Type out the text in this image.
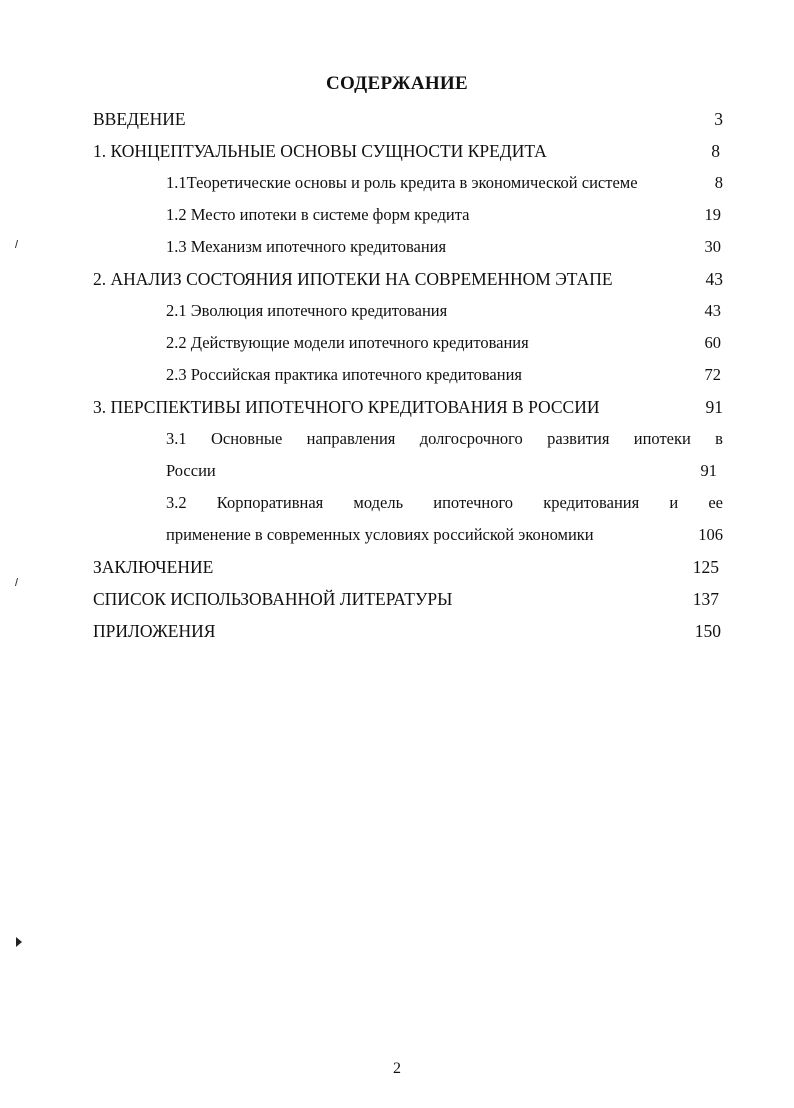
СОДЕРЖАНИЕ
ВВЕДЕНИЕ	3
1. КОНЦЕПТУАЛЬНЫЕ ОСНОВЫ СУЩНОСТИ КРЕДИТА	8
1.1Теоретические основы и роль кредита в экономической системе	8
1.2 Место ипотеки в системе форм кредита	19
1.3 Механизм ипотечного кредитования	30
2. АНАЛИЗ СОСТОЯНИЯ ИПОТЕКИ НА СОВРЕМЕННОМ ЭТАПЕ	43
2.1 Эволюция ипотечного кредитования	43
2.2 Действующие модели ипотечного кредитования	60
2.3 Российская практика ипотечного кредитования	72
3. ПЕРСПЕКТИВЫ ИПОТЕЧНОГО КРЕДИТОВАНИЯ В РОССИИ	91
3.1 Основные направления долгосрочного развития ипотеки в
России	91
3.2 Корпоративная модель ипотечного кредитования и ее
применение в современных условиях российской экономики	106
ЗАКЛЮЧЕНИЕ	125
СПИСОК ИСПОЛЬЗОВАННОЙ ЛИТЕРАТУРЫ	137
ПРИЛОЖЕНИЯ	150
2
